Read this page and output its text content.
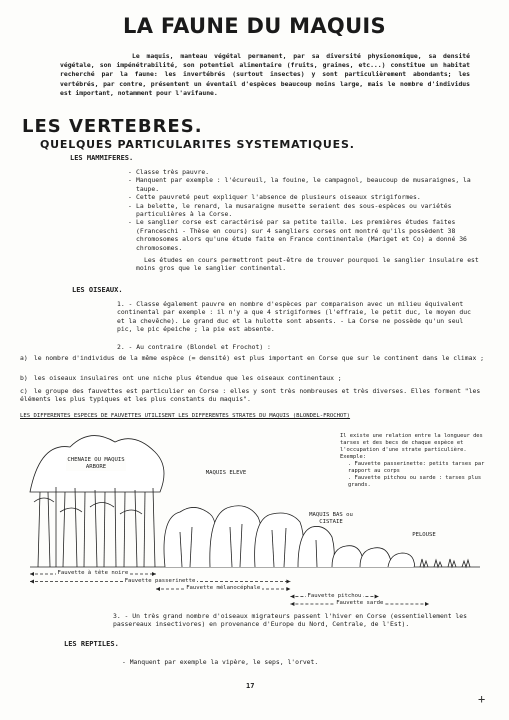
LA FAUNE DU MAQUIS
Le maquis, manteau végétal permanent, par sa diversité physionomique, sa densité végétale, son impénétrabilité, son potentiel alimentaire (fruits, graines, etc...) constitue un habitat recherché par la faune: les invertébrés (surtout insectes) y sont particulièrement abondants; les vertébrés, par contre, présentent un éventail d'espèces beaucoup moins large, mais le nombre d'individus est important, notamment pour l'avifaune.
LES VERTEBRES.
QUELQUES PARTICULARITES SYSTEMATIQUES.
LES MAMMIFERES.
- Classe très pauvre.
- Manquent par exemple : l'écureuil, la fouine, le campagnol, beaucoup de musaraignes, la taupe.
- Cette pauvreté peut expliquer l'absence de plusieurs oiseaux strigiformes.
- La belette, le renard, la musaraigne musette seraient des sous-espèces ou variétés particulières à la Corse.
- Le sanglier corse est caractérisé par sa petite taille. Les premières études faites (Franceschi - Thèse en cours) sur 4 sangliers corses ont montré qu'ils possèdent 38 chromosomes alors qu'une étude faite en France continentale (Mariget et Co) a donné 36 chromosomes.
Les études en cours permettront peut-être de trouver pourquoi le sanglier insulaire est moins gros que le sanglier continental.
LES OISEAUX.
1. - Classe également pauvre en nombre d'espèces par comparaison avec un milieu équivalent continental par exemple : il n'y a que 4 strigiformes (l'effraie, le petit duc, le moyen duc et la chevêche). Le grand duc et la hulotte sont absents. - La Corse ne possède qu'un seul pic, le pic épeiche ; la pie est absente.
2. - Au contraire (Blondel et Frochot) :
a) le nombre d'individus de la même espèce (= densité) est plus important en Corse que sur le continent dans le climax ;
b) les oiseaux insulaires ont une niche plus étendue que les oiseaux continentaux ;
c) le groupe des fauvettes est particulier en Corse : elles y sont très nombreuses et très diverses. Elles forment "les éléments les plus typiques et les plus constants du maquis".
LES DIFFERENTES ESPECES DE FAUVETTES UTILISENT LES DIFFERENTES STRATES DU MAQUIS (BLONDEL-FROCHOT)
CHENAIE OU MAQUIS ARBORE
MAQUIS ELEVE
MAQUIS BAS ou CISTAIE
PELOUSE
Il existe une relation entre la longueur des tarses et des becs de chaque espèce et l'occupation d'une strate particulière. Exemple:
. Fauvette passerinette: petits tarses par rapport au corps
. Fauvette pitchou ou sarde : tarses plus grands.
Fauvette à tête noire
Fauvette passerinette
Fauvette mélanocéphale
Fauvette pitchou
Fauvette sarde
3. - Un très grand nombre d'oiseaux migrateurs passent l'hiver en Corse (essentiellement les passereaux insectivores) en provenance d'Europe du Nord, Centrale, de l'Est).
LES REPTILES.
- Manquent par exemple la vipère, le seps, l'orvet.
17
+
